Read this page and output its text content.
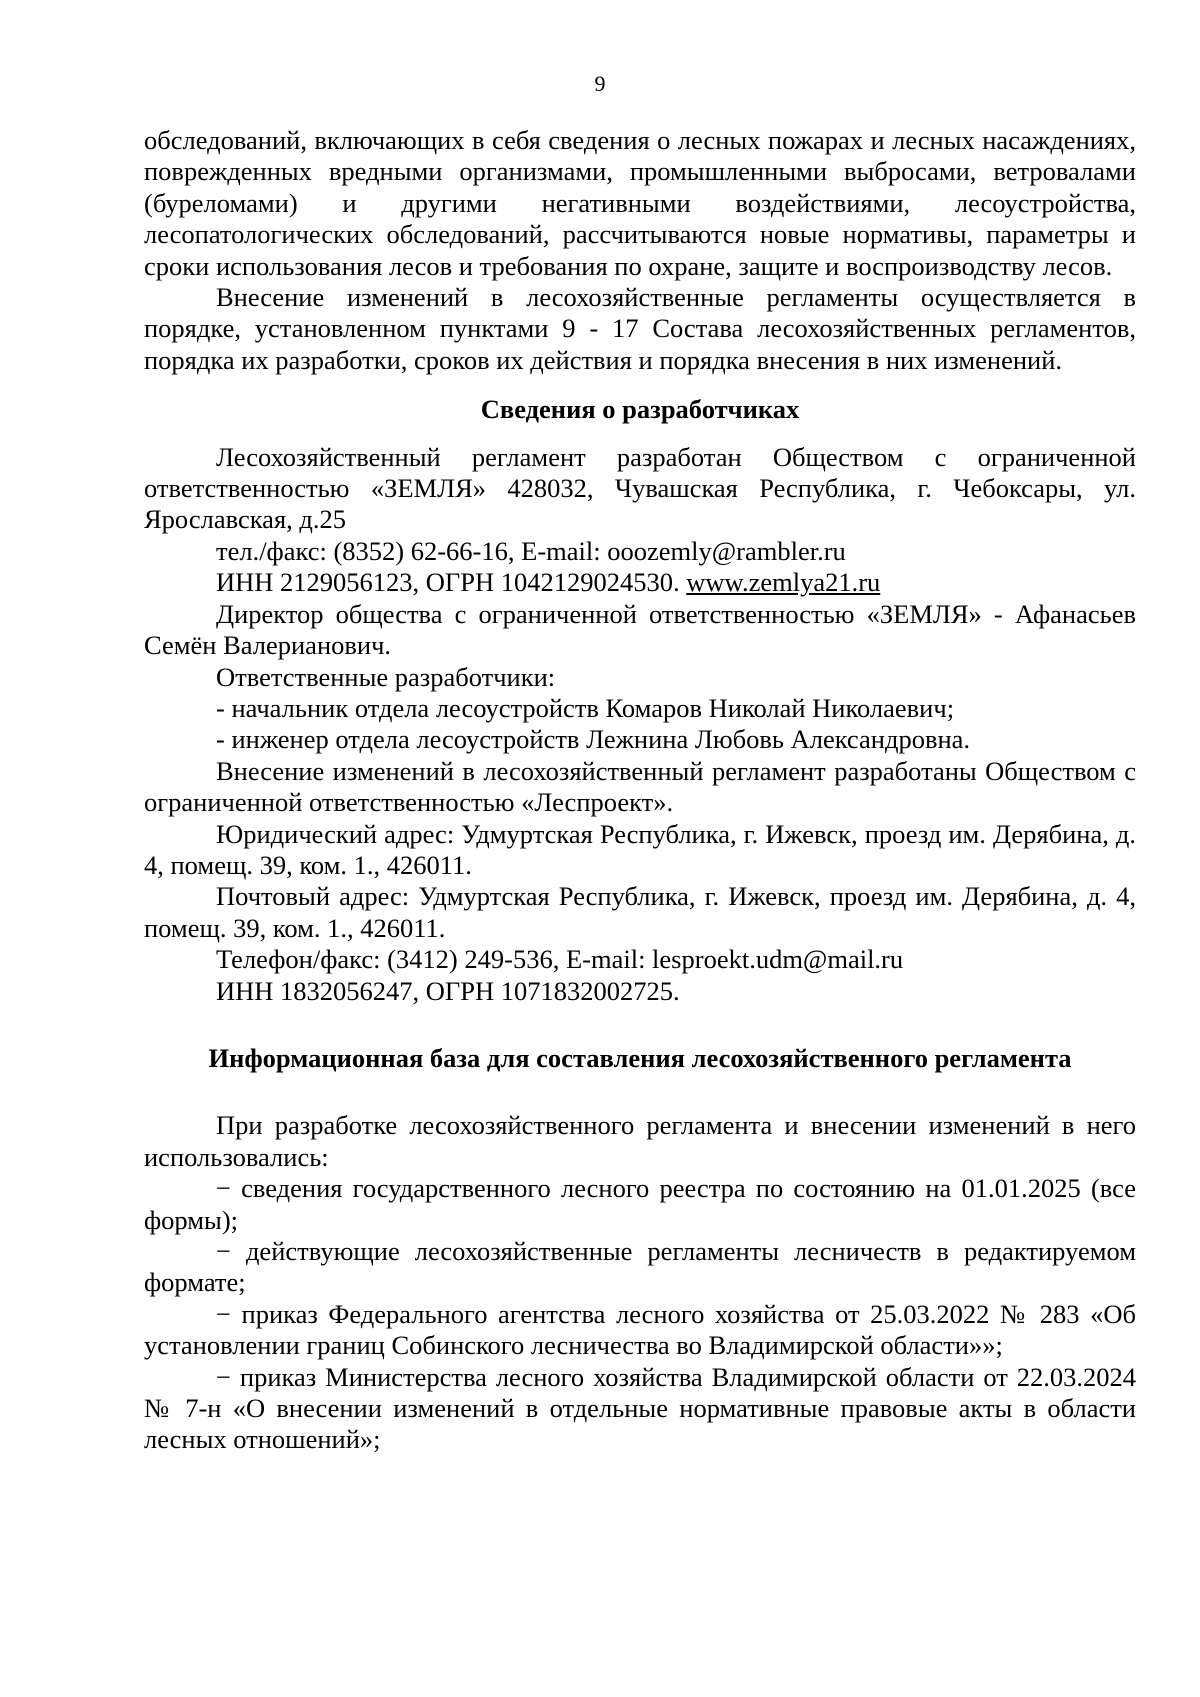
9

обследований, включающих в себя сведения о лесных пожарах и лесных насаждениях, поврежденных вредными организмами, промышленными выбросами, ветровалами (буреломами) и другими негативными воздействиями, лесоустройства, лесопатологических обследований, рассчитываются новые нормативы, параметры и сроки использования лесов и требования по охране, защите и воспроизводству лесов.

Внесение изменений в лесохозяйственные регламенты осуществляется в порядке, установленном пунктами 9 - 17 Состава лесохозяйственных регламентов, порядка их разработки, сроков их действия и порядка внесения в них изменений.

Сведения о разработчиках

Лесохозяйственный регламент разработан Обществом с ограниченной ответственностью «ЗЕМЛЯ» 428032, Чувашская Республика, г. Чебоксары, ул. Ярославская, д.25

тел./факс: (8352) 62-66-16, E-mail: ooozemly@rambler.ru

ИНН 2129056123, ОГРН 1042129024530. www.zemlya21.ru

Директор общества с ограниченной ответственностью «ЗЕМЛЯ» - Афанасьев Семён Валерианович.

Ответственные разработчики:

- начальник отдела лесоустройств Комаров Николай Николаевич;

- инженер отдела лесоустройств Лежнина Любовь Александровна.

Внесение изменений в лесохозяйственный регламент разработаны Обществом с ограниченной ответственностью «Леспроект».

Юридический адрес: Удмуртская Республика, г. Ижевск, проезд им. Дерябина, д. 4, помещ. 39, ком. 1., 426011.

Почтовый адрес: Удмуртская Республика, г. Ижевск, проезд им. Дерябина, д. 4, помещ. 39, ком. 1., 426011.

Телефон/факс: (3412) 249-536, E-mail: lesproekt.udm@mail.ru

ИНН 1832056247, ОГРН 1071832002725.

Информационная база для составления лесохозяйственного регламента

При разработке лесохозяйственного регламента и внесении изменений в него использовались:

− сведения государственного лесного реестра по состоянию на 01.01.2025 (все формы);

− действующие лесохозяйственные регламенты лесничеств в редактируемом формате;

− приказ Федерального агентства лесного хозяйства от 25.03.2022 № 283 «Об установлении границ Собинского лесничества во Владимирской области»»;

− приказ Министерства лесного хозяйства Владимирской области от 22.03.2024 № 7-н «О внесении изменений в отдельные нормативные правовые акты в области лесных отношений»;
